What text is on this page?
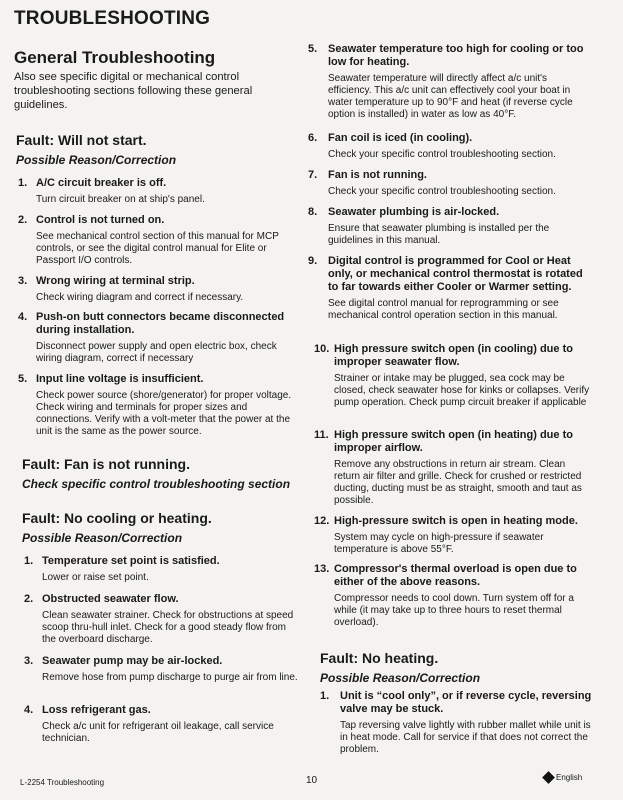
TROUBLESHOOTING
General Troubleshooting
Also see specific digital or mechanical control troubleshooting sections following these general guidelines.
Fault: Will not start.
Possible Reason/Correction
1. A/C circuit breaker is off.
Turn circuit breaker on at ship's panel.
2. Control is not turned on.
See mechanical control section of this manual for MCP controls, or see the digital control manual for Elite or Passport I/O controls.
3. Wrong wiring at terminal strip.
Check wiring diagram and correct if necessary.
4. Push-on butt connectors became disconnected during installation.
Disconnect power supply and open electric box, check wiring diagram, correct if necessary
5. Input line voltage is insufficient.
Check power source (shore/generator) for proper voltage. Check wiring and terminals for proper sizes and connections. Verify with a volt-meter that the power at the unit is the same as the power source.
Fault: Fan is not running.
Check specific control troubleshooting section
Fault: No cooling or heating.
Possible Reason/Correction
1. Temperature set point is satisfied.
Lower or raise set point.
2. Obstructed seawater flow.
Clean seawater strainer. Check for obstructions at speed scoop thru-hull inlet. Check for a good steady flow from the overboard discharge.
3. Seawater pump may be air-locked.
Remove hose from pump discharge to purge air from line.
4. Loss refrigerant gas.
Check a/c unit for refrigerant oil leakage, call service technician.
5. Seawater temperature too high for cooling or too low for heating.
Seawater temperature will directly affect a/c unit's efficiency. This a/c unit can effectively cool your boat in water temperature up to 90°F and heat (if reverse cycle option is installed) in water as low as 40°F.
6. Fan coil is iced (in cooling).
Check your specific control troubleshooting section.
7. Fan is not running.
Check your specific control troubleshooting section.
8. Seawater plumbing is air-locked.
Ensure that seawater plumbing is installed per the guidelines in this manual.
9. Digital control is programmed for Cool or Heat only, or mechanical control thermostat is rotated to far towards either Cooler or Warmer setting.
See digital control manual for reprogramming or see mechanical control operation section in this manual.
10. High pressure switch open (in cooling) due to improper seawater flow.
Strainer or intake may be plugged, sea cock may be closed, check seawater hose for kinks or collapses. Verify pump operation. Check pump circuit breaker if applicable
11. High pressure switch open (in heating) due to improper airflow.
Remove any obstructions in return air stream. Clean return air filter and grille. Check for crushed or restricted ducting, ducting must be as straight, smooth and taut as possible.
12. High-pressure switch is open in heating mode.
System may cycle on high-pressure if seawater temperature is above 55°F.
13. Compressor's thermal overload is open due to either of the above reasons.
Compressor needs to cool down. Turn system off for a while (it may take up to three hours to reset thermal overload).
Fault: No heating.
Possible Reason/Correction
1. Unit is “cool only”, or if reverse cycle, reversing valve may be stuck.
Tap reversing valve lightly with rubber mallet while unit is in heat mode. Call for service if that does not correct the problem.
L-2254 Troubleshooting	10	English
